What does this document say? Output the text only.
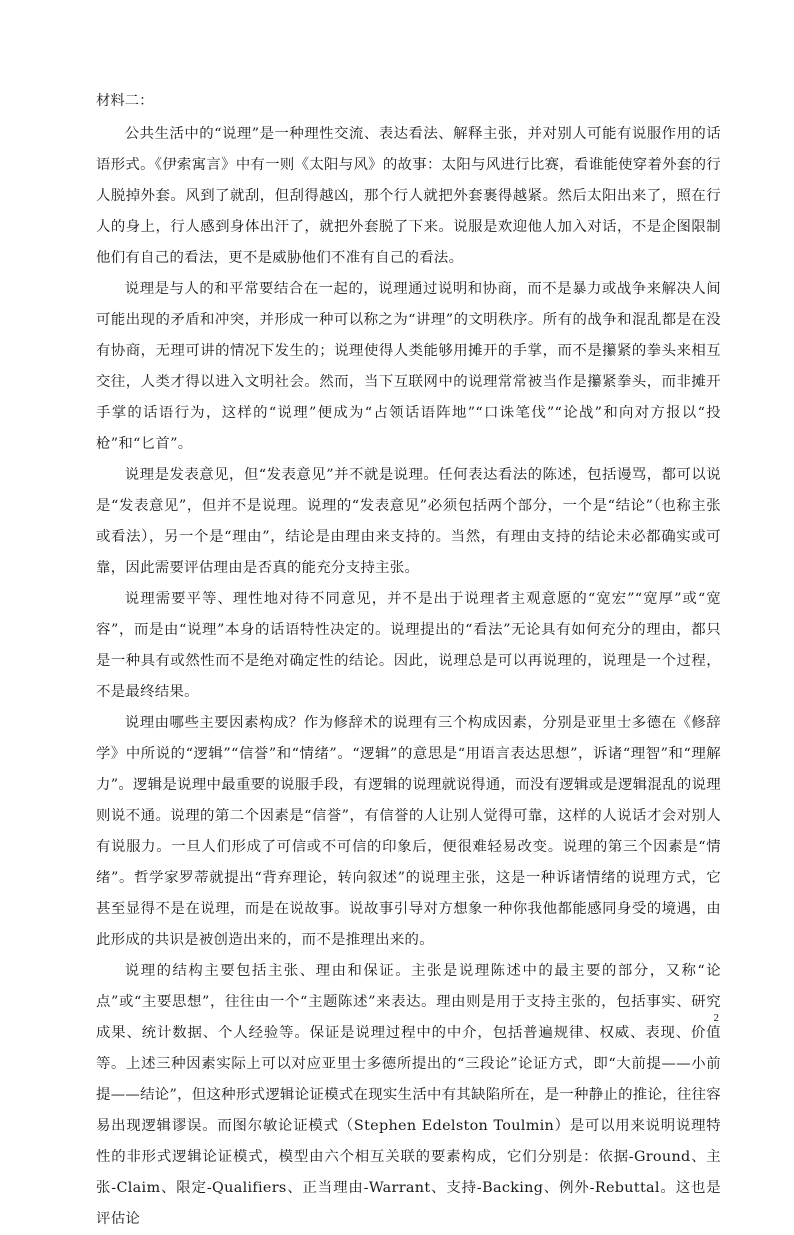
材料二：

公共生活中的“说理”是一种理性交流、表达看法、解释主张，并对别人可能有说服作用的话语形式。《伊索寓言》中有一则《太阳与风》的故事：太阳与风进行比赛，看谁能使穿着外套的行人脱掉外套。风到了就刮，但刮得越凶，那个行人就把外套裹得越紧。然后太阳出来了，照在行人的身上，行人感到身体出汗了，就把外套脱了下来。说服是欢迎他人加入对话，不是企图限制他们有自己的看法，更不是威胁他们不准有自己的看法。

说理是与人的和平常要结合在一起的，说理通过说明和协商，而不是暴力或战争来解决人间可能出现的矛盾和冲突，并形成一种可以称之为“讲理”的文明秩序。所有的战争和混乱都是在没有协商，无理可讲的情况下发生的；说理使得人类能够用摊开的手掌，而不是攥紧的拳头来相互交往，人类才得以进入文明社会。然而，当下互联网中的说理常常被当作是攥紧拳头，而非摊开手掌的话语行为，这样的“说理”便成为“占领话语阵地”“口诛笔伐”“论战”和向对方报以“投枪”和“匕首”。

说理是发表意见，但“发表意见”并不就是说理。任何表达看法的陈述，包括谩骂，都可以说是“发表意见”，但并不是说理。说理的“发表意见”必须包括两个部分，一个是“结论”（也称主张或看法），另一个是“理由”，结论是由理由来支持的。当然，有理由支持的结论未必都确实或可靠，因此需要评估理由是否真的能充分支持主张。

说理需要平等、理性地对待不同意见，并不是出于说理者主观意愿的“宽宏”“宽厚”或“宽容”，而是由“说理”本身的话语特性决定的。说理提出的“看法”无论具有如何充分的理由，都只是一种具有或然性而不是绝对确定性的结论。因此，说理总是可以再说理的，说理是一个过程，不是最终结果。

说理由哪些主要因素构成？作为修辞术的说理有三个构成因素，分别是亚里士多德在《修辞学》中所说的“逻辑”“信誉”和“情绪”。“逻辑”的意思是“用语言表达思想”，诉诸“理智”和“理解力”。逻辑是说理中最重要的说服手段，有逻辑的说理就说得通，而没有逻辑或是逻辑混乱的说理则说不通。说理的第二个因素是“信誉”，有信誉的人让别人觉得可靠，这样的人说话才会对别人有说服力。一旦人们形成了可信或不可信的印象后，便很难轻易改变。说理的第三个因素是“情绪”。哲学家罗蒂就提出“背弃理论，转向叙述”的说理主张，这是一种诉诸情绪的说理方式，它甚至显得不是在说理，而是在说故事。说故事引导对方想象一种你我他都能感同身受的境遇，由此形成的共识是被创造出来的，而不是推理出来的。

说理的结构主要包括主张、理由和保证。主张是说理陈述中的最主要的部分，又称“论点”或“主要思想”，往往由一个“主题陈述”来表达。理由则是用于支持主张的，包括事实、研究成果、统计数据、个人经验等。保证是说理过程中的中介，包括普遍规律、权威、表现、价值等。上述三种因素实际上可以对应亚里士多德所提出的“三段论”论证方式，即“大前提——小前提——结论”，但这种形式逻辑论证模式在现实生活中有其缺陷所在，是一种静止的推论，往往容易出现逻辑谬误。而图尔敏论证模式（Stephen Edelston Toulmin）是可以用来说明说理特性的非形式逻辑论证模式，模型由六个相互关联的要素构成，它们分别是：依据-Ground、主张-Claim、限定-Qualifiers、正当理由-Warrant、支持-Backing、例外-Rebuttal。这也是评估论

2
